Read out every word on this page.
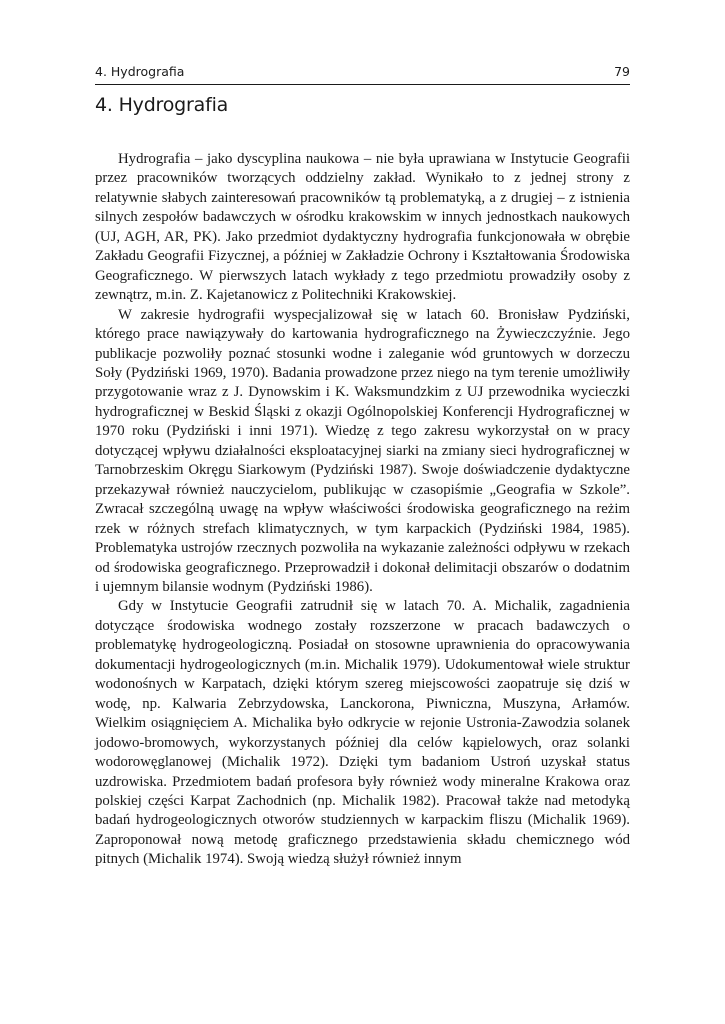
4. Hydrografia	79
4. Hydrografia

Hydrografia – jako dyscyplina naukowa – nie była uprawiana w Instytucie Geografii przez pracowników tworzących oddzielny zakład. Wynikało to z jednej strony z relatywnie słabych zainteresowań pracowników tą problematyką, a z drugiej – z istnienia silnych zespołów badawczych w ośrodku krakowskim w innych jednostkach naukowych (UJ, AGH, AR, PK). Jako przedmiot dydaktyczny hydrografia funkcjonowała w obrębie Zakładu Geografii Fizycznej, a później w Zakładzie Ochrony i Kształtowania Środowiska Geograficznego. W pierwszych latach wykłady z tego przedmiotu prowadziły osoby z zewnątrz, m.in. Z. Kajetanowicz z Politechniki Krakowskiej.

W zakresie hydrografii wyspecjalizował się w latach 60. Bronisław Pydziński, którego prace nawiązywały do kartowania hydrograficznego na Żywieczczyźnie. Jego publikacje pozwoliły poznać stosunki wodne i zaleganie wód gruntowych w dorzeczu Soły (Pydziński 1969, 1970). Badania prowadzone przez niego na tym terenie umożliwiły przygotowanie wraz z J. Dynowskim i K. Waksmundzkim z UJ przewodnika wycieczki hydrograficznej w Beskid Śląski z okazji Ogólnopolskiej Konferencji Hydrograficznej w 1970 roku (Pydziński i inni 1971). Wiedzę z tego zakresu wykorzystał on w pracy dotyczącej wpływu działalności eksploatacyjnej siarki na zmiany sieci hydrograficznej w Tarnobrzeskim Okręgu Siarkowym (Pydziński 1987). Swoje doświadczenie dydaktyczne przekazywał również nauczycielom, publikując w czasopiśmie „Geografia w Szkole”. Zwracał szczególną uwagę na wpływ właściwości środowiska geograficznego na reżim rzek w różnych strefach klimatycznych, w tym karpackich (Pydziński 1984, 1985). Problematyka ustrojów rzecznych pozwoliła na wykazanie zależności odpływu w rzekach od środowiska geograficznego. Przeprowadził i dokonał delimitacji obszarów o dodatnim i ujemnym bilansie wodnym (Pydziński 1986).

Gdy w Instytucie Geografii zatrudnił się w latach 70. A. Michalik, zagadnienia dotyczące środowiska wodnego zostały rozszerzone w pracach badawczych o problematykę hydrogeologiczną. Posiadał on stosowne uprawnienia do opracowywania dokumentacji hydrogeologicznych (m.in. Michalik 1979). Udokumentował wiele struktur wodonośnych w Karpatach, dzięki którym szereg miejscowości zaopatruje się dziś w wodę, np. Kalwaria Zebrzydowska, Lanckorona, Piwniczna, Muszyna, Arłamów. Wielkim osiągnięciem A. Michalika było odkrycie w rejonie Ustronia-Zawodzia solanek jodowo-bromowych, wykorzystanych później dla celów kąpielowych, oraz solanki wodorowęglanowej (Michalik 1972). Dzięki tym badaniom Ustroń uzyskał status uzdrowiska. Przedmiotem badań profesora były również wody mineralne Krakowa oraz polskiej części Karpat Zachodnich (np. Michalik 1982). Pracował także nad metodyką badań hydrogeologicznych otworów studziennych w karpackim fliszu (Michalik 1969). Zaproponował nową metodę graficznego przedstawienia składu chemicznego wód pitnych (Michalik 1974). Swoją wiedzą służył również innym
